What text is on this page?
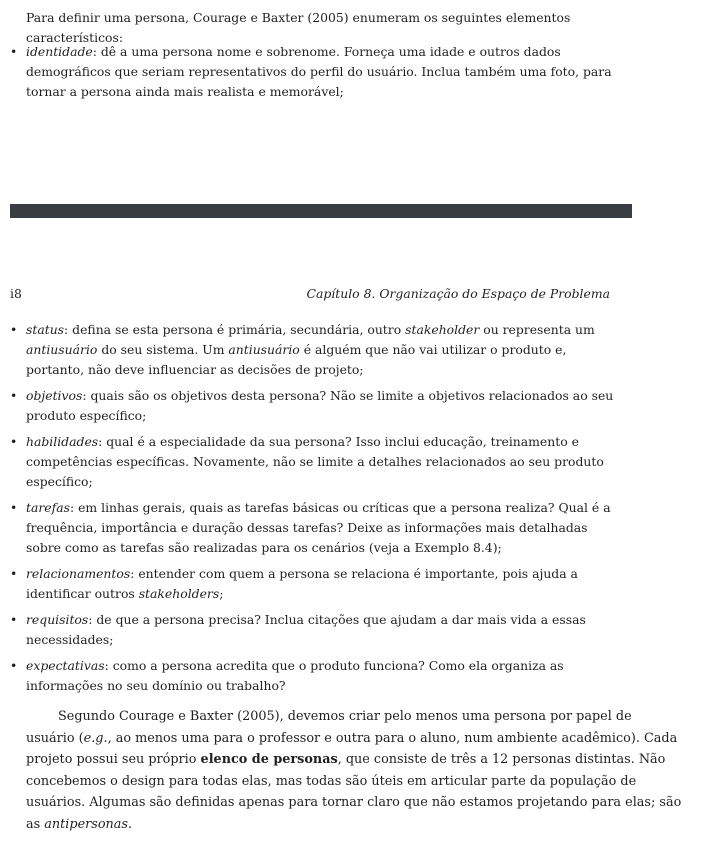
Para definir uma persona, Courage e Baxter (2005) enumeram os seguintes elementos característicos:
• identidade: dê a uma persona nome e sobrenome. Forneça uma idade e outros dados demográficos que seriam representativos do perfil do usuário. Inclua também uma foto, para tornar a persona ainda mais realista e memorável;
i8	Capítulo 8. Organização do Espaço de Problema
• status: defina se esta persona é primária, secundária, outro stakeholder ou representa um antiusuário do seu sistema. Um antiusuário é alguém que não vai utilizar o produto e, portanto, não deve influenciar as decisões de projeto;
• objetivos: quais são os objetivos desta persona? Não se limite a objetivos relacionados ao seu produto específico;
• habilidades: qual é a especialidade da sua persona? Isso inclui educação, treinamento e competências específicas. Novamente, não se limite a detalhes relacionados ao seu produto específico;
• tarefas: em linhas gerais, quais as tarefas básicas ou críticas que a persona realiza? Qual é a frequência, importância e duração dessas tarefas? Deixe as informações mais detalhadas sobre como as tarefas são realizadas para os cenários (veja a Exemplo 8.4);
• relacionamentos: entender com quem a persona se relaciona é importante, pois ajuda a identificar outros stakeholders;
• requisitos: de que a persona precisa? Inclua citações que ajudam a dar mais vida a essas necessidades;
• expectativas: como a persona acredita que o produto funciona? Como ela organiza as informações no seu domínio ou trabalho?
Segundo Courage e Baxter (2005), devemos criar pelo menos uma persona por papel de usuário (e.g., ao menos uma para o professor e outra para o aluno, num ambiente acadêmico). Cada projeto possui seu próprio elenco de personas, que consiste de três a 12 personas distintas. Não concebemos o design para todas elas, mas todas são úteis em articular parte da população de usuários. Algumas são definidas apenas para tornar claro que não estamos projetando para elas; são as antipersonas.
